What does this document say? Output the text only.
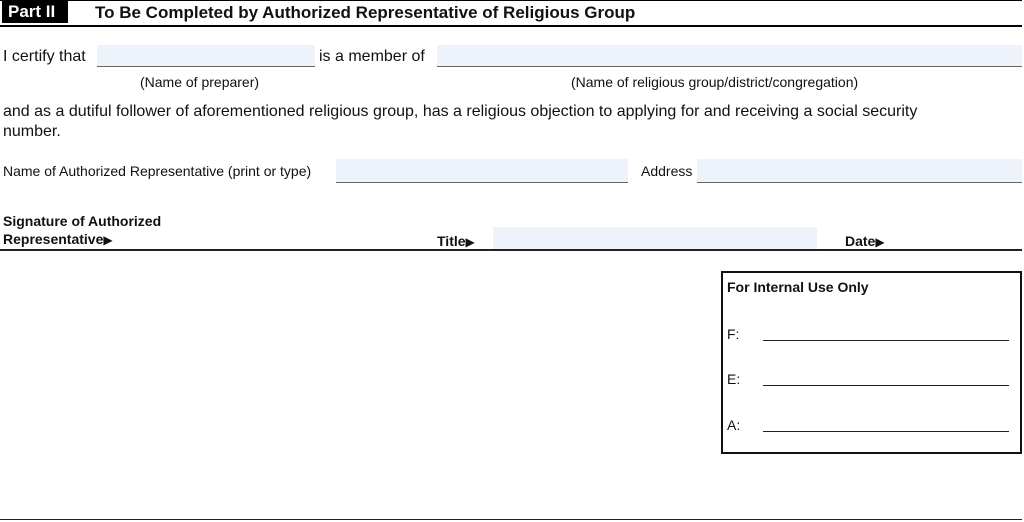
Part II	To Be Completed by Authorized Representative of Religious Group
I certify that	is a member of
(Name of preparer)	(Name of religious group/district/congregation)
and as a dutiful follower of aforementioned religious group, has a religious objection to applying for and receiving a social security
number.
Name of Authorized Representative (print or type)	Address
Signature of Authorized
Representative▶	Title▶	Date▶
For Internal Use Only
F:
E:
A:
